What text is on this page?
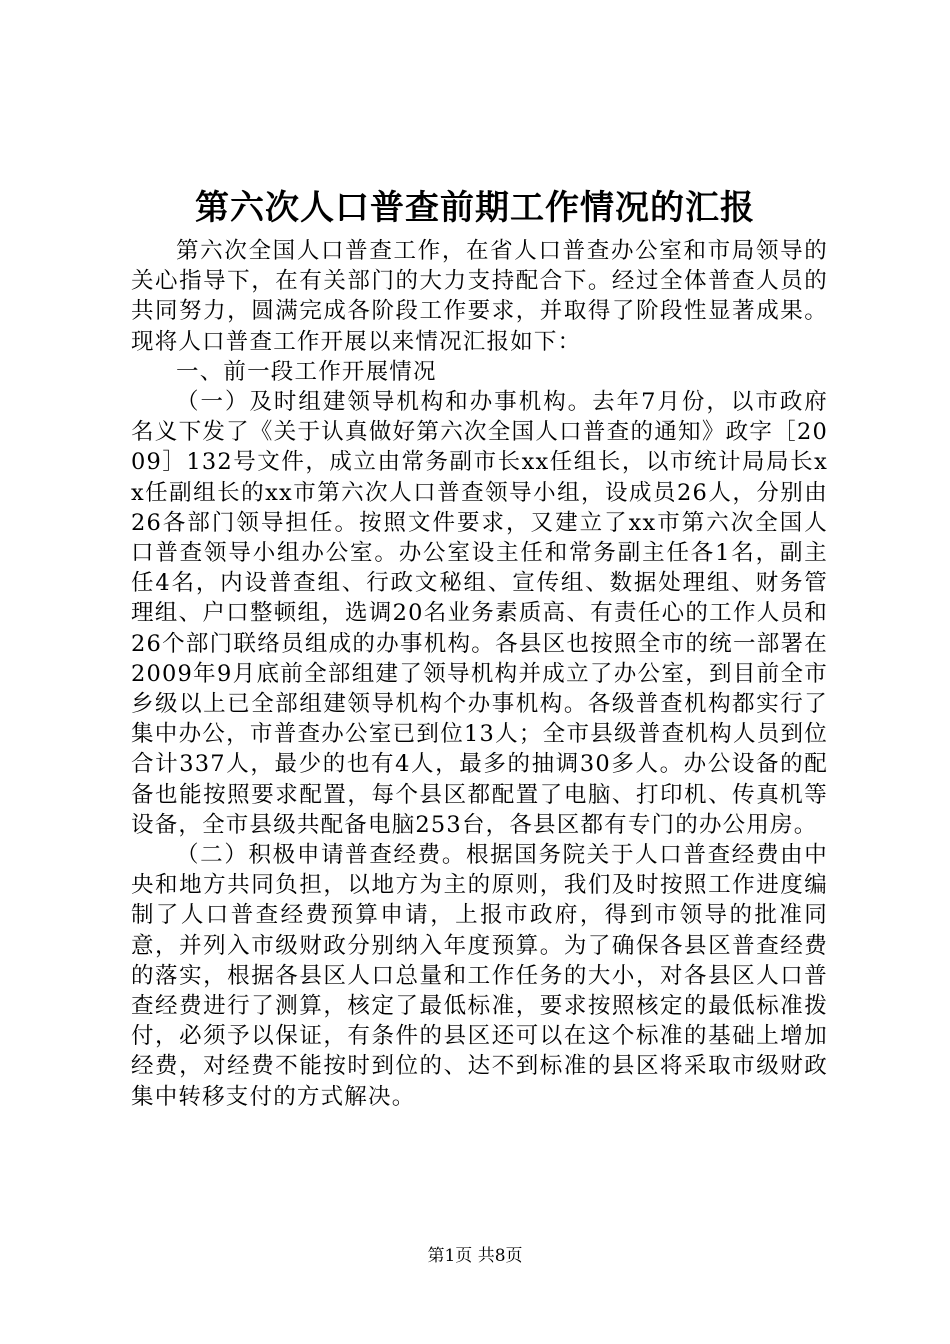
第六次人口普查前期工作情况的汇报

第六次全国人口普查工作，在省人口普查办公室和市局领导的关心指导下，在有关部门的大力支持配合下。经过全体普查人员的共同努力，圆满完成各阶段工作要求，并取得了阶段性显著成果。现将人口普查工作开展以来情况汇报如下：

一、前一段工作开展情况

（一）及时组建领导机构和办事机构。去年7月份，以市政府名义下发了《关于认真做好第六次全国人口普查的通知》政字［2009］132号文件，成立由常务副市长xx任组长，以市统计局局长xx任副组长的xx市第六次人口普查领导小组，设成员26人，分别由26各部门领导担任。按照文件要求，又建立了xx市第六次全国人口普查领导小组办公室。办公室设主任和常务副主任各1名，副主任4名，内设普查组、行政文秘组、宣传组、数据处理组、财务管理组、户口整顿组，选调20名业务素质高、有责任心的工作人员和26个部门联络员组成的办事机构。各县区也按照全市的统一部署在2009年9月底前全部组建了领导机构并成立了办公室，到目前全市乡级以上已全部组建领导机构个办事机构。各级普查机构都实行了集中办公，市普查办公室已到位13人；全市县级普查机构人员到位合计337人，最少的也有4人，最多的抽调30多人。办公设备的配备也能按照要求配置，每个县区都配置了电脑、打印机、传真机等设备，全市县级共配备电脑253台，各县区都有专门的办公用房。

（二）积极申请普查经费。根据国务院关于人口普查经费由中央和地方共同负担，以地方为主的原则，我们及时按照工作进度编制了人口普查经费预算申请，上报市政府，得到市领导的批准同意，并列入市级财政分别纳入年度预算。为了确保各县区普查经费的落实，根据各县区人口总量和工作任务的大小，对各县区人口普查经费进行了测算，核定了最低标准，要求按照核定的最低标准拨付，必须予以保证，有条件的县区还可以在这个标准的基础上增加经费，对经费不能按时到位的、达不到标准的县区将采取市级财政集中转移支付的方式解决。

第1页 共8页
